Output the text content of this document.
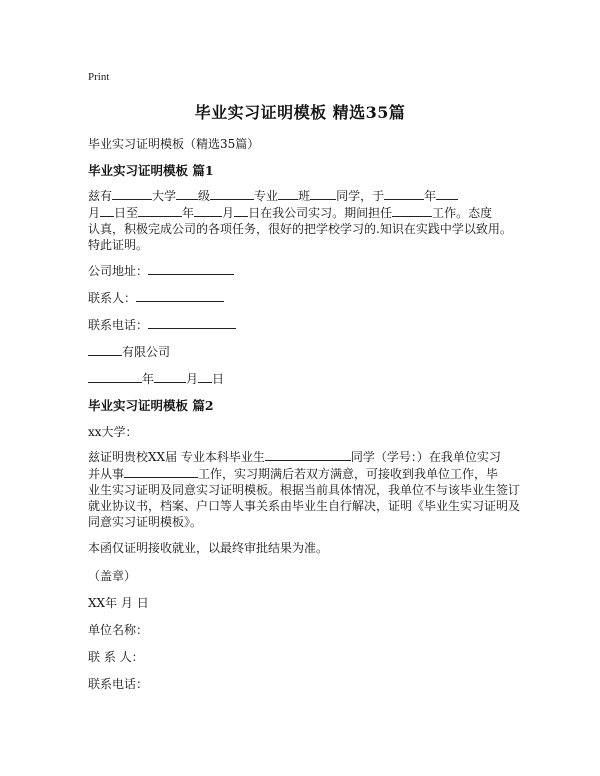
Print
毕业实习证明模板 精选35篇
毕业实习证明模板（精选35篇）
毕业实习证明模板 篇1
兹有	大学 级	专业 班 同学，于	年
月 日至	年 月 日在我公司实习。期间担任	工作。态度
认真，积极完成公司的各项任务，很好的把学校学习的.知识在实践中学以致用。
特此证明。
公司地址：
联系人：
联系电话：
有限公司
年	月 日
毕业实习证明模板 篇2
xx大学：
兹证明贵校XX届 专业本科毕业生	同学（学号：）在我单位实习
并从事	工作，实习期满后若双方满意，可接收到我单位工作，毕
业生实习证明及同意实习证明模板。根据当前具体情况，我单位不与该毕业生签订
就业协议书，档案、户口等人事关系由毕业生自行解决，证明《毕业生实习证明及
同意实习证明模板》。
本函仅证明接收就业，以最终审批结果为准。
（盖章）
XX年 月 日
单位名称：
联 系 人：
联系电话：
